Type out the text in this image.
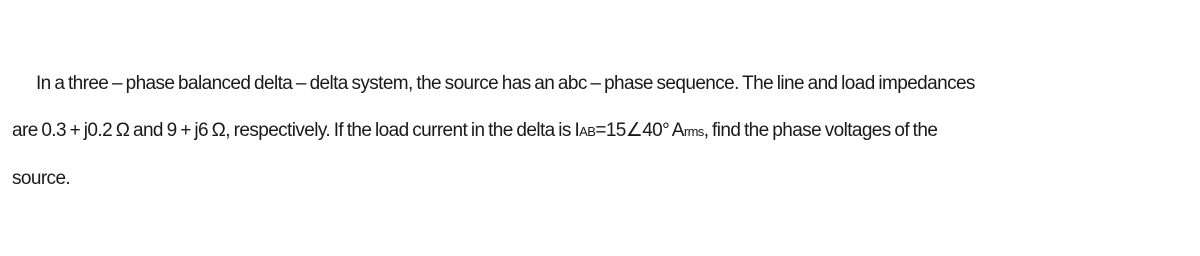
In a three – phase balanced delta – delta system, the source has an abc – phase sequence. The line and load impedances
are 0.3 + j0.2 Ω and 9 + j6 Ω, respectively. If the load current in the delta is IAB=15∠40° Arms, find the phase voltages of the
source.
